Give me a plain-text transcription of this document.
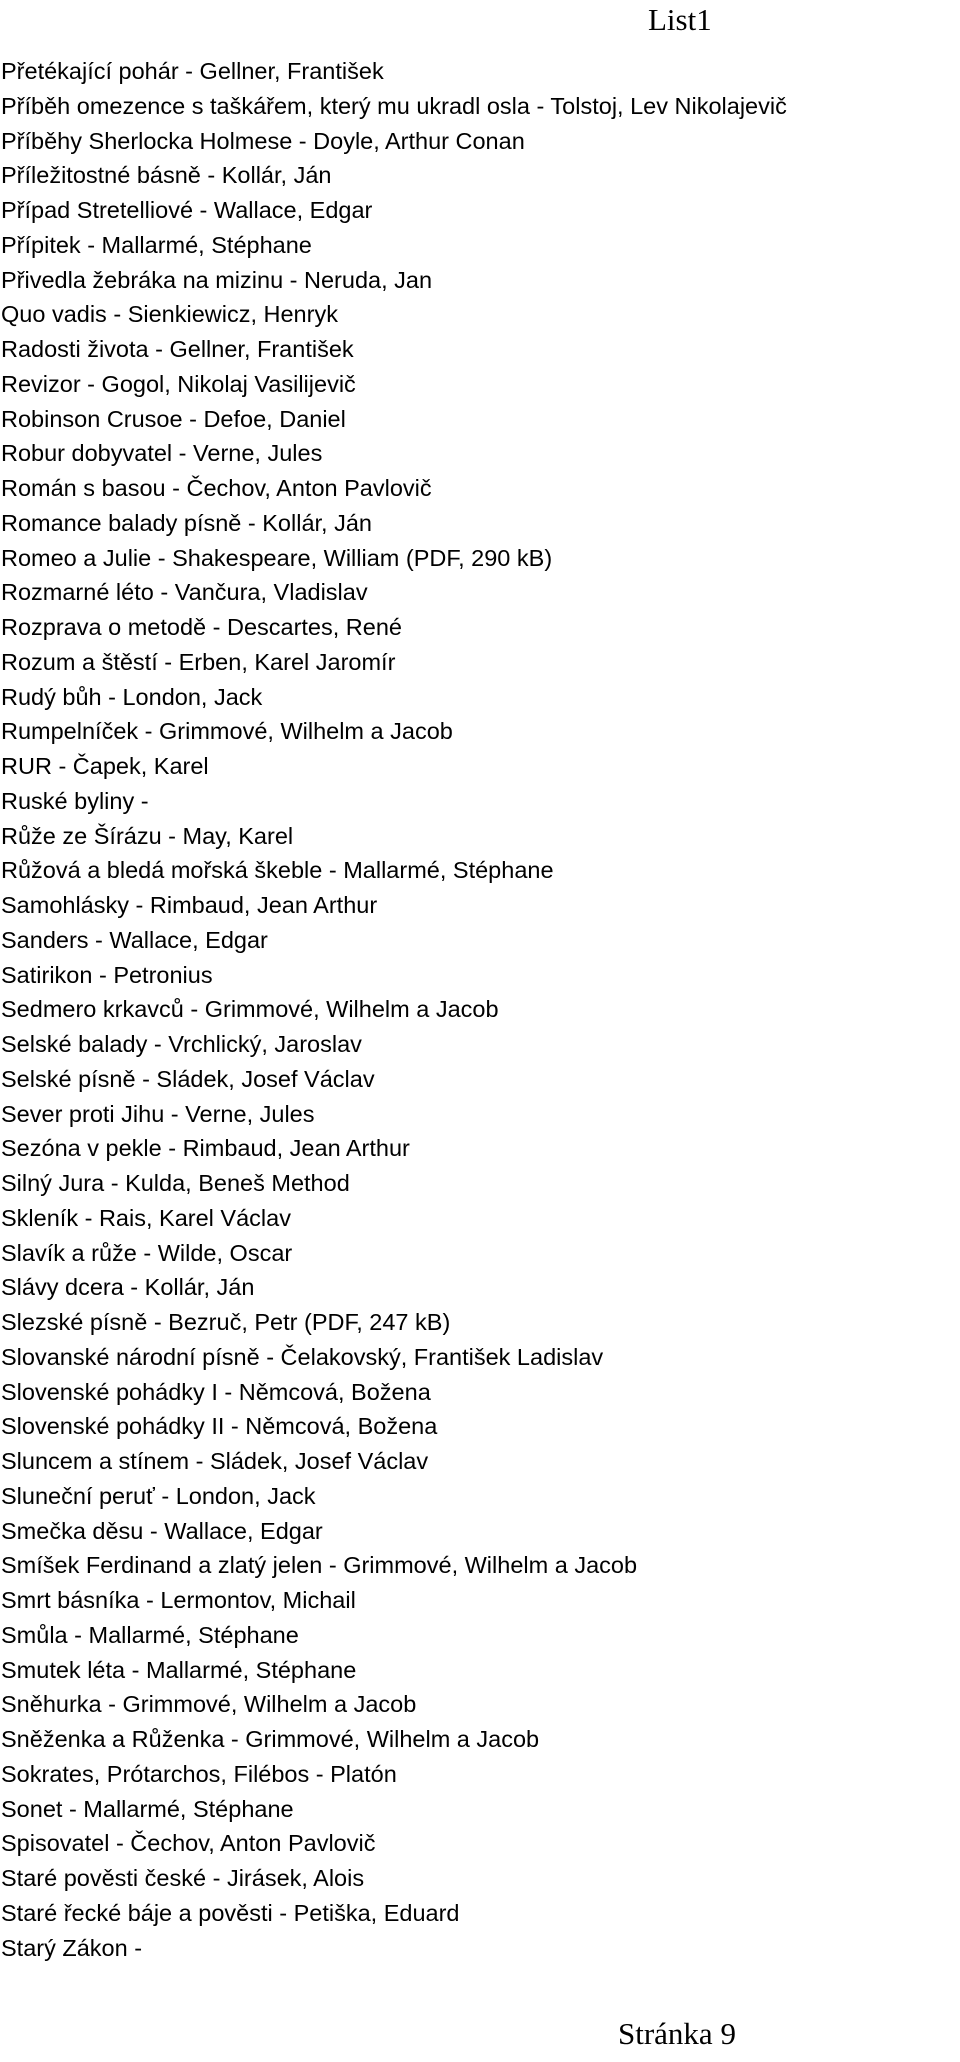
List1
Přetékající pohár - Gellner, František
Příběh omezence s taškářem, který mu ukradl osla - Tolstoj, Lev Nikolajevič
Příběhy Sherlocka Holmese - Doyle, Arthur Conan
Příležitostné básně - Kollár, Ján
Případ Stretelliové - Wallace, Edgar
Přípitek - Mallarmé, Stéphane
Přivedla žebráka na mizinu - Neruda, Jan
Quo vadis - Sienkiewicz, Henryk
Radosti života - Gellner, František
Revizor - Gogol, Nikolaj Vasilijevič
Robinson Crusoe - Defoe, Daniel
Robur dobyvatel - Verne, Jules
Román s basou - Čechov, Anton Pavlovič
Romance balady písně - Kollár, Ján
Romeo a Julie - Shakespeare, William (PDF, 290 kB)
Rozmarné léto - Vančura, Vladislav
Rozprava o metodě - Descartes, René
Rozum a štěstí - Erben, Karel Jaromír
Rudý bůh - London, Jack
Rumpelníček - Grimmové, Wilhelm a Jacob
RUR - Čapek, Karel
Ruské byliny -
Růže ze Šírázu - May, Karel
Růžová a bledá mořská škeble - Mallarmé, Stéphane
Samohlásky - Rimbaud, Jean Arthur
Sanders - Wallace, Edgar
Satirikon - Petronius
Sedmero krkavců - Grimmové, Wilhelm a Jacob
Selské balady - Vrchlický, Jaroslav
Selské písně - Sládek, Josef Václav
Sever proti Jihu - Verne, Jules
Sezóna v pekle - Rimbaud, Jean Arthur
Silný Jura - Kulda, Beneš Method
Skleník - Rais, Karel Václav
Slavík a růže - Wilde, Oscar
Slávy dcera - Kollár, Ján
Slezské písně - Bezruč, Petr (PDF, 247 kB)
Slovanské národní písně - Čelakovský, František Ladislav
Slovenské pohádky I - Němcová, Božena
Slovenské pohádky II - Němcová, Božena
Sluncem a stínem - Sládek, Josef Václav
Sluneční peruť - London, Jack
Smečka děsu - Wallace, Edgar
Smíšek Ferdinand a zlatý jelen - Grimmové, Wilhelm a Jacob
Smrt básníka - Lermontov, Michail
Smůla - Mallarmé, Stéphane
Smutek léta - Mallarmé, Stéphane
Sněhurka - Grimmové, Wilhelm a Jacob
Sněženka a Růženka - Grimmové, Wilhelm a Jacob
Sokrates, Prótarchos, Filébos - Platón
Sonet - Mallarmé, Stéphane
Spisovatel - Čechov, Anton Pavlovič
Staré pověsti české - Jirásek, Alois
Staré řecké báje a pověsti - Petiška, Eduard
Starý Zákon -
Stránka 9
